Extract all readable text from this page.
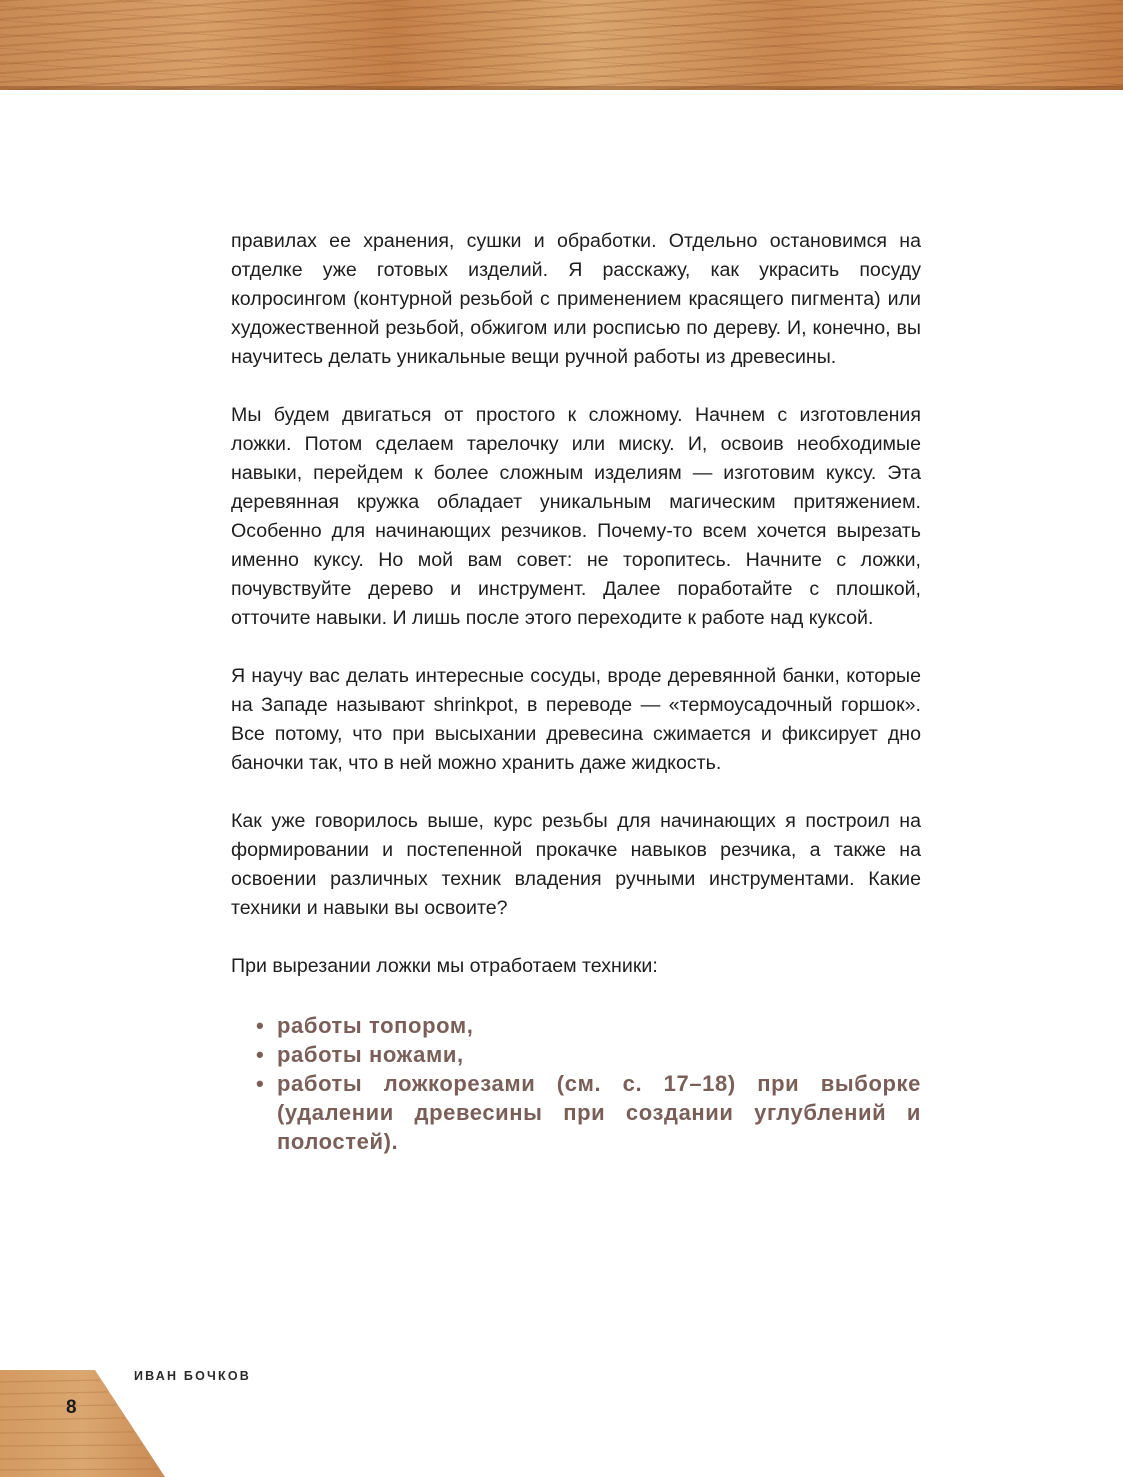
правилах ее хранения, сушки и обработки. Отдельно остановимся на отделке уже готовых изделий. Я расскажу, как украсить посуду колросингом (контурной резьбой с применением красящего пигмента) или художественной резьбой, обжигом или росписью по дереву. И, конечно, вы научитесь делать уникальные вещи ручной работы из древесины.

Мы будем двигаться от простого к сложному. Начнем с изготовления ложки. Потом сделаем тарелочку или миску. И, освоив необходимые навыки, перейдем к более сложным изделиям — изготовим куксу. Эта деревянная кружка обладает уникальным магическим притяжением. Особенно для начинающих резчиков. Почему-то всем хочется вырезать именно куксу. Но мой вам совет: не торопитесь. Начните с ложки, почувствуйте дерево и инструмент. Далее поработайте с плошкой, отточите навыки. И лишь после этого переходите к работе над куксой.

Я научу вас делать интересные сосуды, вроде деревянной банки, которые на Западе называют shrinkpot, в переводе — «термоусадочный горшок». Все потому, что при высыхании древесина сжимается и фиксирует дно баночки так, что в ней можно хранить даже жидкость.

Как уже говорилось выше, курс резьбы для начинающих я построил на формировании и постепенной прокачке навыков резчика, а также на освоении различных техник владения ручными инструментами. Какие техники и навыки вы освоите?

При вырезании ложки мы отработаем техники:

• работы топором,
• работы ножами,
• работы ложкорезами (см. с. 17–18) при выборке (удалении древесины при создании углублений и полостей).
ИВАН БОЧКОВ
8
